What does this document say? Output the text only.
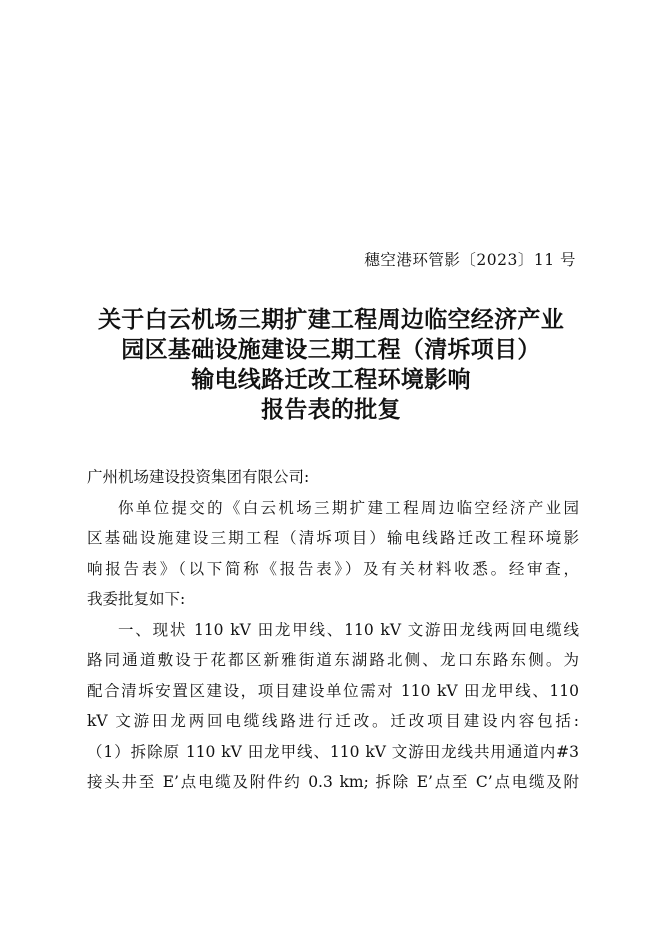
穗空港环管影〔2023〕11 号
关于白云机场三期扩建工程周边临空经济产业
园区基础设施建设三期工程（清坼项目）
输电线路迁改工程环境影响
报告表的批复
广州机场建设投资集团有限公司:
你单位提交的《白云机场三期扩建工程周边临空经济产业园
区基础设施建设三期工程（清坼项目）输电线路迁改工程环境影
响报告表》（以下简称《报告表》）及有关材料收悉。经审查，
我委批复如下:
一、现状 110 kV 田龙甲线、110 kV 文游田龙线两回电缆线
路同通道敷设于花都区新雅街道东湖路北侧、龙口东路东侧。为
配合清坼安置区建设，项目建设单位需对 110 kV 田龙甲线、110
kV 文游田龙两回电缆线路进行迁改。迁改项目建设内容包括:
（1）拆除原 110 kV 田龙甲线、110 kV 文游田龙线共用通道内#3
接头井至 E’点电缆及附件约 0.3 km; 拆除 E’点至 C’点电缆及附
